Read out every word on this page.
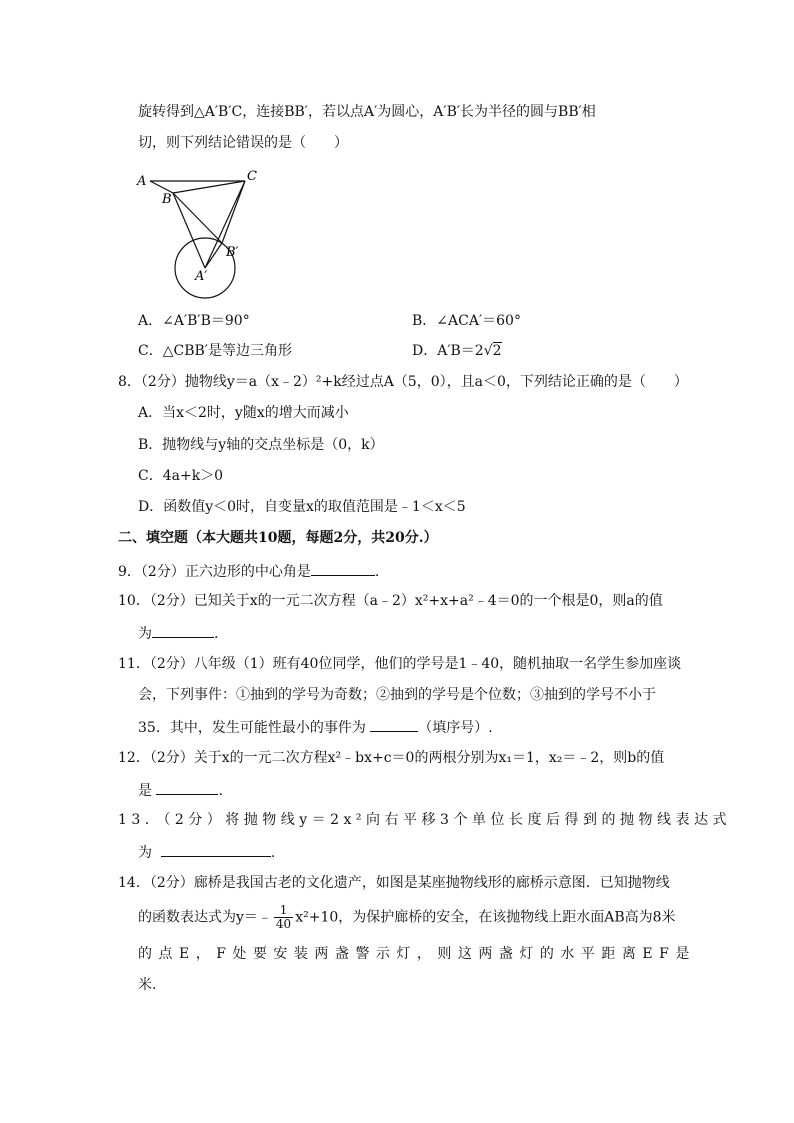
旋转得到△A′B′C，连接BB′，若以点A′为圆心，A′B′长为半径的圆与BB′相
切，则下列结论错误的是（　　）
A
B
C
B′
A′
A．∠A′B′B＝90°	B．∠ACA′＝60°
C．△CBB′是等边三角形	D．A′B＝2√2
8．（2分）抛物线y＝a（x﹣2）²+k经过点A（5，0），且a＜0，下列结论正确的是（　　）
A．当x＜2时，y随x的增大而减小
B．抛物线与y轴的交点坐标是（0，k）
C．4a+k＞0
D．函数值y＜0时，自变量x的取值范围是﹣1＜x＜5
二、填空题（本大题共10题，每题2分，共20分.）
9．（2分）正六边形的中心角是	.
10．（2分）已知关于x的一元二次方程（a﹣2）x²+x+a²﹣4＝0的一个根是0，则a的值
为	.
11．（2分）八年级（1）班有40位同学，他们的学号是1﹣40，随机抽取一名学生参加座谈
会，下列事件：①抽到的学号为奇数；②抽到的学号是个位数；③抽到的学号不小于
35．其中，发生可能性最小的事件为	（填序号）.
12．（2分）关于x的一元二次方程x²﹣bx+c＝0的两根分别为x₁＝1，x₂＝﹣2，则b的值
是	.
13．（2分）将抛物线y＝2x²向右平移3个单位长度后得到的抛物线表达式
为	.
14．（2分）廊桥是我国古老的文化遗产，如图是某座抛物线形的廊桥示意图．已知抛物线
的函数表达式为y＝﹣ $\frac{1}{40} x^2+10$，为保护廊桥的安全，在该抛物线上距水面AB高为8米
的点E，F处要安装两盏警示灯，则这两盏灯的水平距离EF是
米.
